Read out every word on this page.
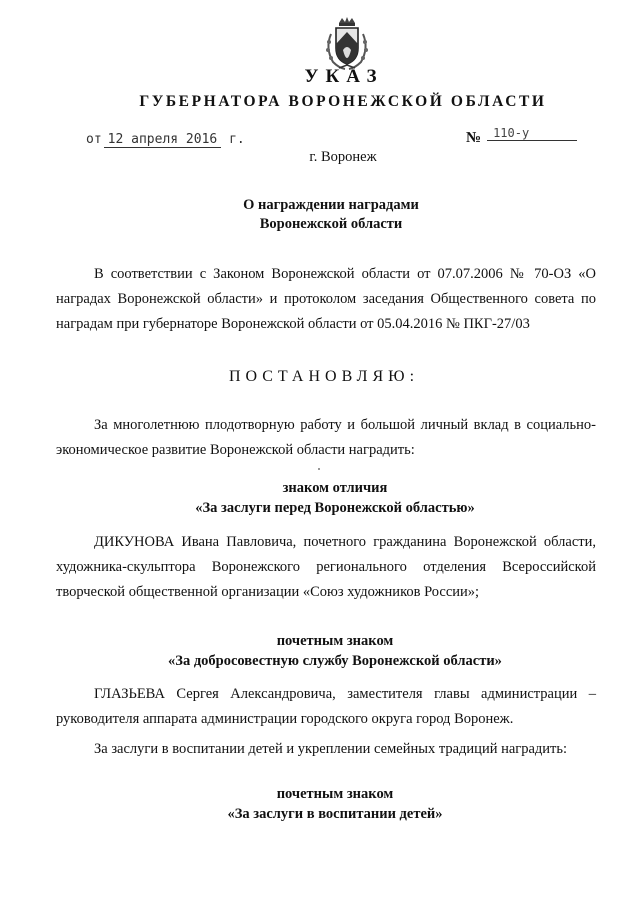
УКАЗ
ГУБЕРНАТОРА ВОРОНЕЖСКОЙ ОБЛАСТИ
от 12 апреля 2016 г.	№ 110-у
г. Воронеж
О награждении наградами
Воронежской области
В соответствии с Законом Воронежской области от 07.07.2006 № 70-ОЗ «О наградах Воронежской области» и протоколом заседания Общественного совета по наградам при губернаторе Воронежской области от 05.04.2016 № ПКГ-27/03
ПОСТАНОВЛЯЮ:
За многолетнюю плодотворную работу и большой личный вклад в социально-экономическое развитие Воронежской области наградить:
знаком отличия
«За заслуги перед Воронежской областью»
ДИКУНОВА Ивана Павловича, почетного гражданина Воронежской области, художника-скульптора Воронежского регионального отделения Всероссийской творческой общественной организации «Союз художников России»;
почетным знаком
«За добросовестную службу Воронежской области»
ГЛАЗЬЕВА Сергея Александровича, заместителя главы администрации – руководителя аппарата администрации городского округа город Воронеж.
За заслуги в воспитании детей и укреплении семейных традиций наградить:
почетным знаком
«За заслуги в воспитании детей»
